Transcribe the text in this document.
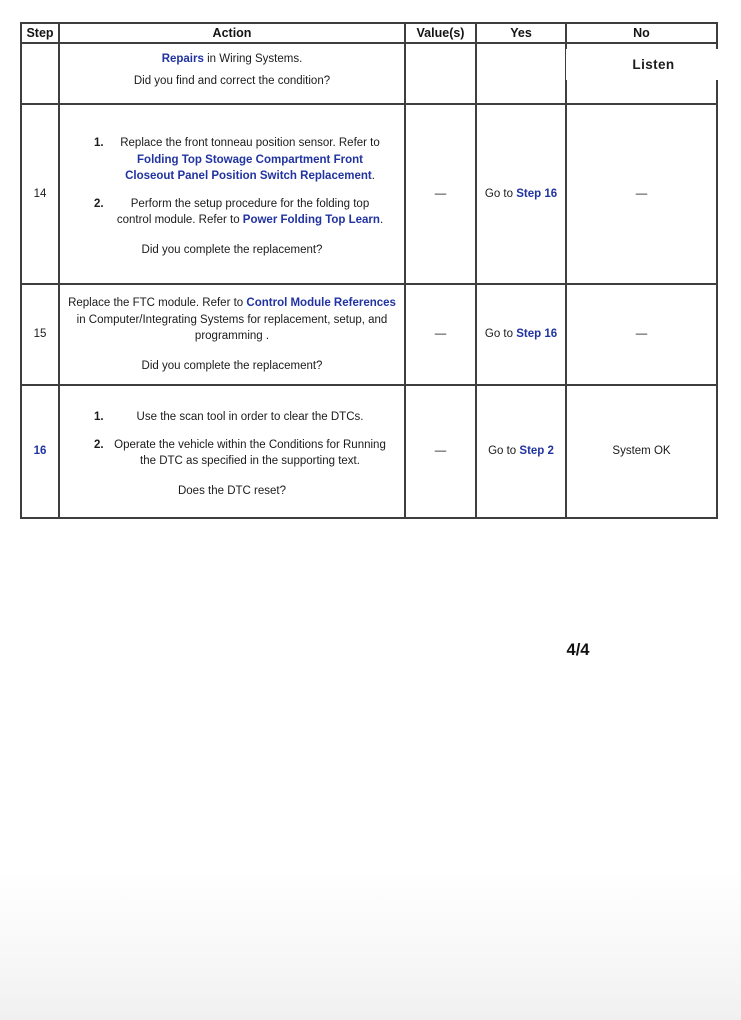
Step	Action	Value(s)	Yes	No

	Repairs in Wiring Systems.
Did you find and correct the condition?			

14	1. Replace the front tonneau position sensor. Refer to Folding Top Stowage Compartment Front Closeout Panel Position Switch Replacement.
2. Perform the setup procedure for the folding top control module. Refer to Power Folding Top Learn.
Did you complete the replacement?	—	Go to Step 16	—
15	Replace the FTC module. Refer to Control Module References in Computer/Integrating Systems for replacement, setup, and programming .
Did you complete the replacement?	—	Go to Step 16	—
16	1. Use the scan tool in order to clear the DTCs.
2. Operate the vehicle within the Conditions for Running the DTC as specified in the supporting text.
Does the DTC reset?	—	Go to Step 2	System OK
Listen
4/4
